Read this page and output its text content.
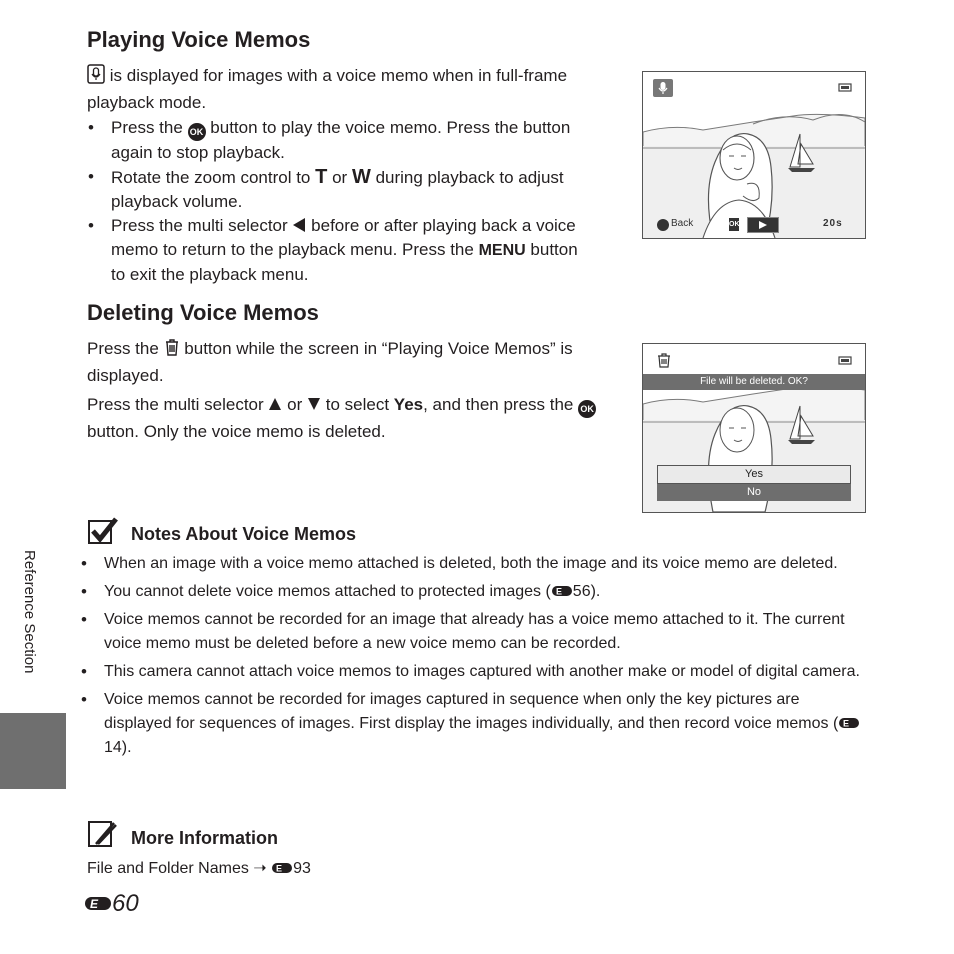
Playing Voice Memos
is displayed for images with a voice memo when in full-frame playback mode.
• Press the OK button to play the voice memo. Press the button again to stop playback.
• Rotate the zoom control to T or W during playback to adjust playback volume.
• Press the multi selector before or after playing back a voice memo to return to the playback menu. Press the MENU button to exit the playback menu.
Back	OK	20s
Deleting Voice Memos
Press the button while the screen in “Playing Voice Memos” is displayed.
Press the multi selector or to select Yes, and then press the OK button. Only the voice memo is deleted.
File will be deleted. OK?
Yes
No
Notes About Voice Memos
• When an image with a voice memo attached is deleted, both the image and its voice memo are deleted.
• You cannot delete voice memos attached to protected images ( E 56).
• Voice memos cannot be recorded for an image that already has a voice memo attached to it. The current voice memo must be deleted before a new voice memo can be recorded.
• This camera cannot attach voice memos to images captured with another make or model of digital camera.
• Voice memos cannot be recorded for images captured in sequence when only the key pictures are displayed for sequences of images. First display the images individually, and then record voice memos ( E
14).
More Information
File and Folder Names ➝ E 93
E 60
Reference Section
